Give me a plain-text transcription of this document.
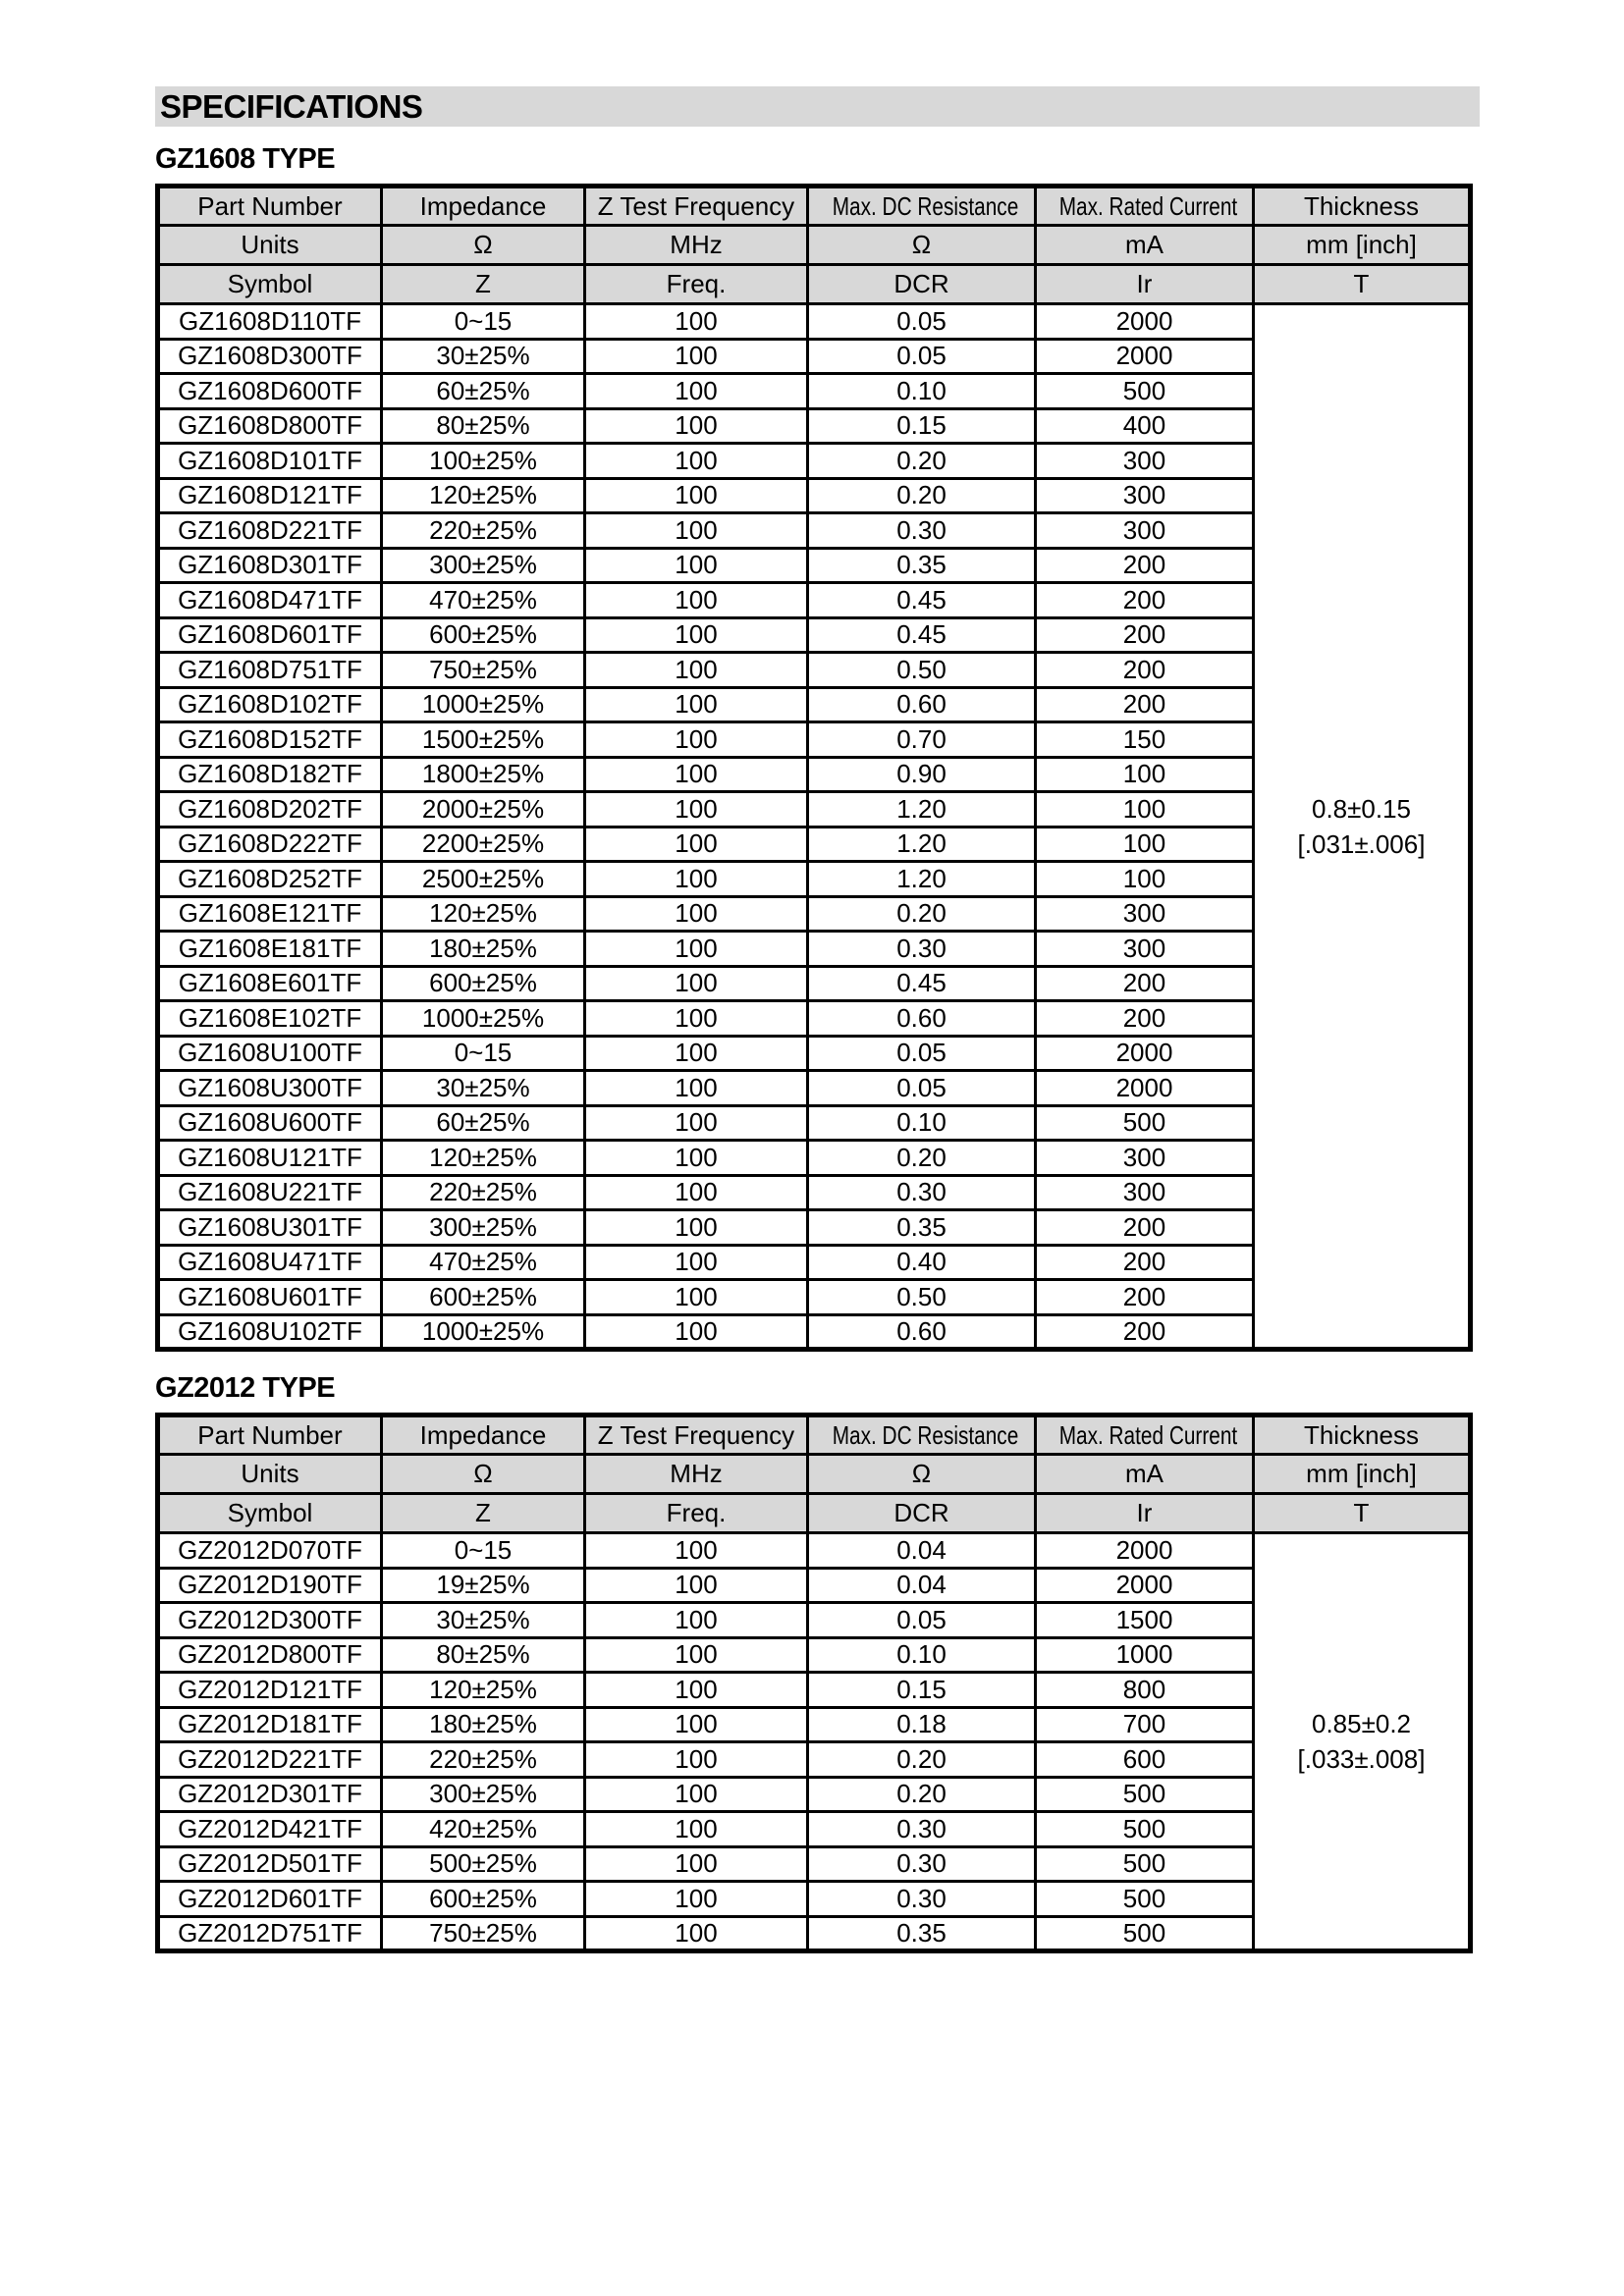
SPECIFICATIONS
GZ1608 TYPE
Part Number	Impedance	Z Test Frequency	Max. DC Resistance	Max. Rated Current	Thickness
Units	Ω	MHz	Ω	mA	mm [inch]
Symbol	Z	Freq.	DCR	Ir	T
GZ1608D110TF	0~15	100	0.05	2000	0.8±0.15
[.031±.006]

GZ1608D300TF	30±25%	100	0.05	2000	
GZ1608D600TF	60±25%	100	0.10	500	
GZ1608D800TF	80±25%	100	0.15	400	
GZ1608D101TF	100±25%	100	0.20	300	
GZ1608D121TF	120±25%	100	0.20	300	
GZ1608D221TF	220±25%	100	0.30	300	
GZ1608D301TF	300±25%	100	0.35	200	
GZ1608D471TF	470±25%	100	0.45	200	
GZ1608D601TF	600±25%	100	0.45	200	
GZ1608D751TF	750±25%	100	0.50	200	
GZ1608D102TF	1000±25%	100	0.60	200	
GZ1608D152TF	1500±25%	100	0.70	150	
GZ1608D182TF	1800±25%	100	0.90	100	
GZ1608D202TF	2000±25%	100	1.20	100	
GZ1608D222TF	2200±25%	100	1.20	100	
GZ1608D252TF	2500±25%	100	1.20	100	
GZ1608E121TF	120±25%	100	0.20	300	
GZ1608E181TF	180±25%	100	0.30	300	
GZ1608E601TF	600±25%	100	0.45	200	
GZ1608E102TF	1000±25%	100	0.60	200	
GZ1608U100TF	0~15	100	0.05	2000	
GZ1608U300TF	30±25%	100	0.05	2000	
GZ1608U600TF	60±25%	100	0.10	500	
GZ1608U121TF	120±25%	100	0.20	300	
GZ1608U221TF	220±25%	100	0.30	300	
GZ1608U301TF	300±25%	100	0.35	200	
GZ1608U471TF	470±25%	100	0.40	200	
GZ1608U601TF	600±25%	100	0.50	200	
GZ1608U102TF	1000±25%	100	0.60	200	
GZ2012 TYPE
Part Number	Impedance	Z Test Frequency	Max. DC Resistance	Max. Rated Current	Thickness
Units	Ω	MHz	Ω	mA	mm [inch]
Symbol	Z	Freq.	DCR	Ir	T
GZ2012D070TF	0~15	100	0.04	2000	0.85±0.2
[.033±.008]

GZ2012D190TF	19±25%	100	0.04	2000	
GZ2012D300TF	30±25%	100	0.05	1500	
GZ2012D800TF	80±25%	100	0.10	1000	
GZ2012D121TF	120±25%	100	0.15	800	
GZ2012D181TF	180±25%	100	0.18	700	
GZ2012D221TF	220±25%	100	0.20	600	
GZ2012D301TF	300±25%	100	0.20	500	
GZ2012D421TF	420±25%	100	0.30	500	
GZ2012D501TF	500±25%	100	0.30	500	
GZ2012D601TF	600±25%	100	0.30	500	
GZ2012D751TF	750±25%	100	0.35	500	
